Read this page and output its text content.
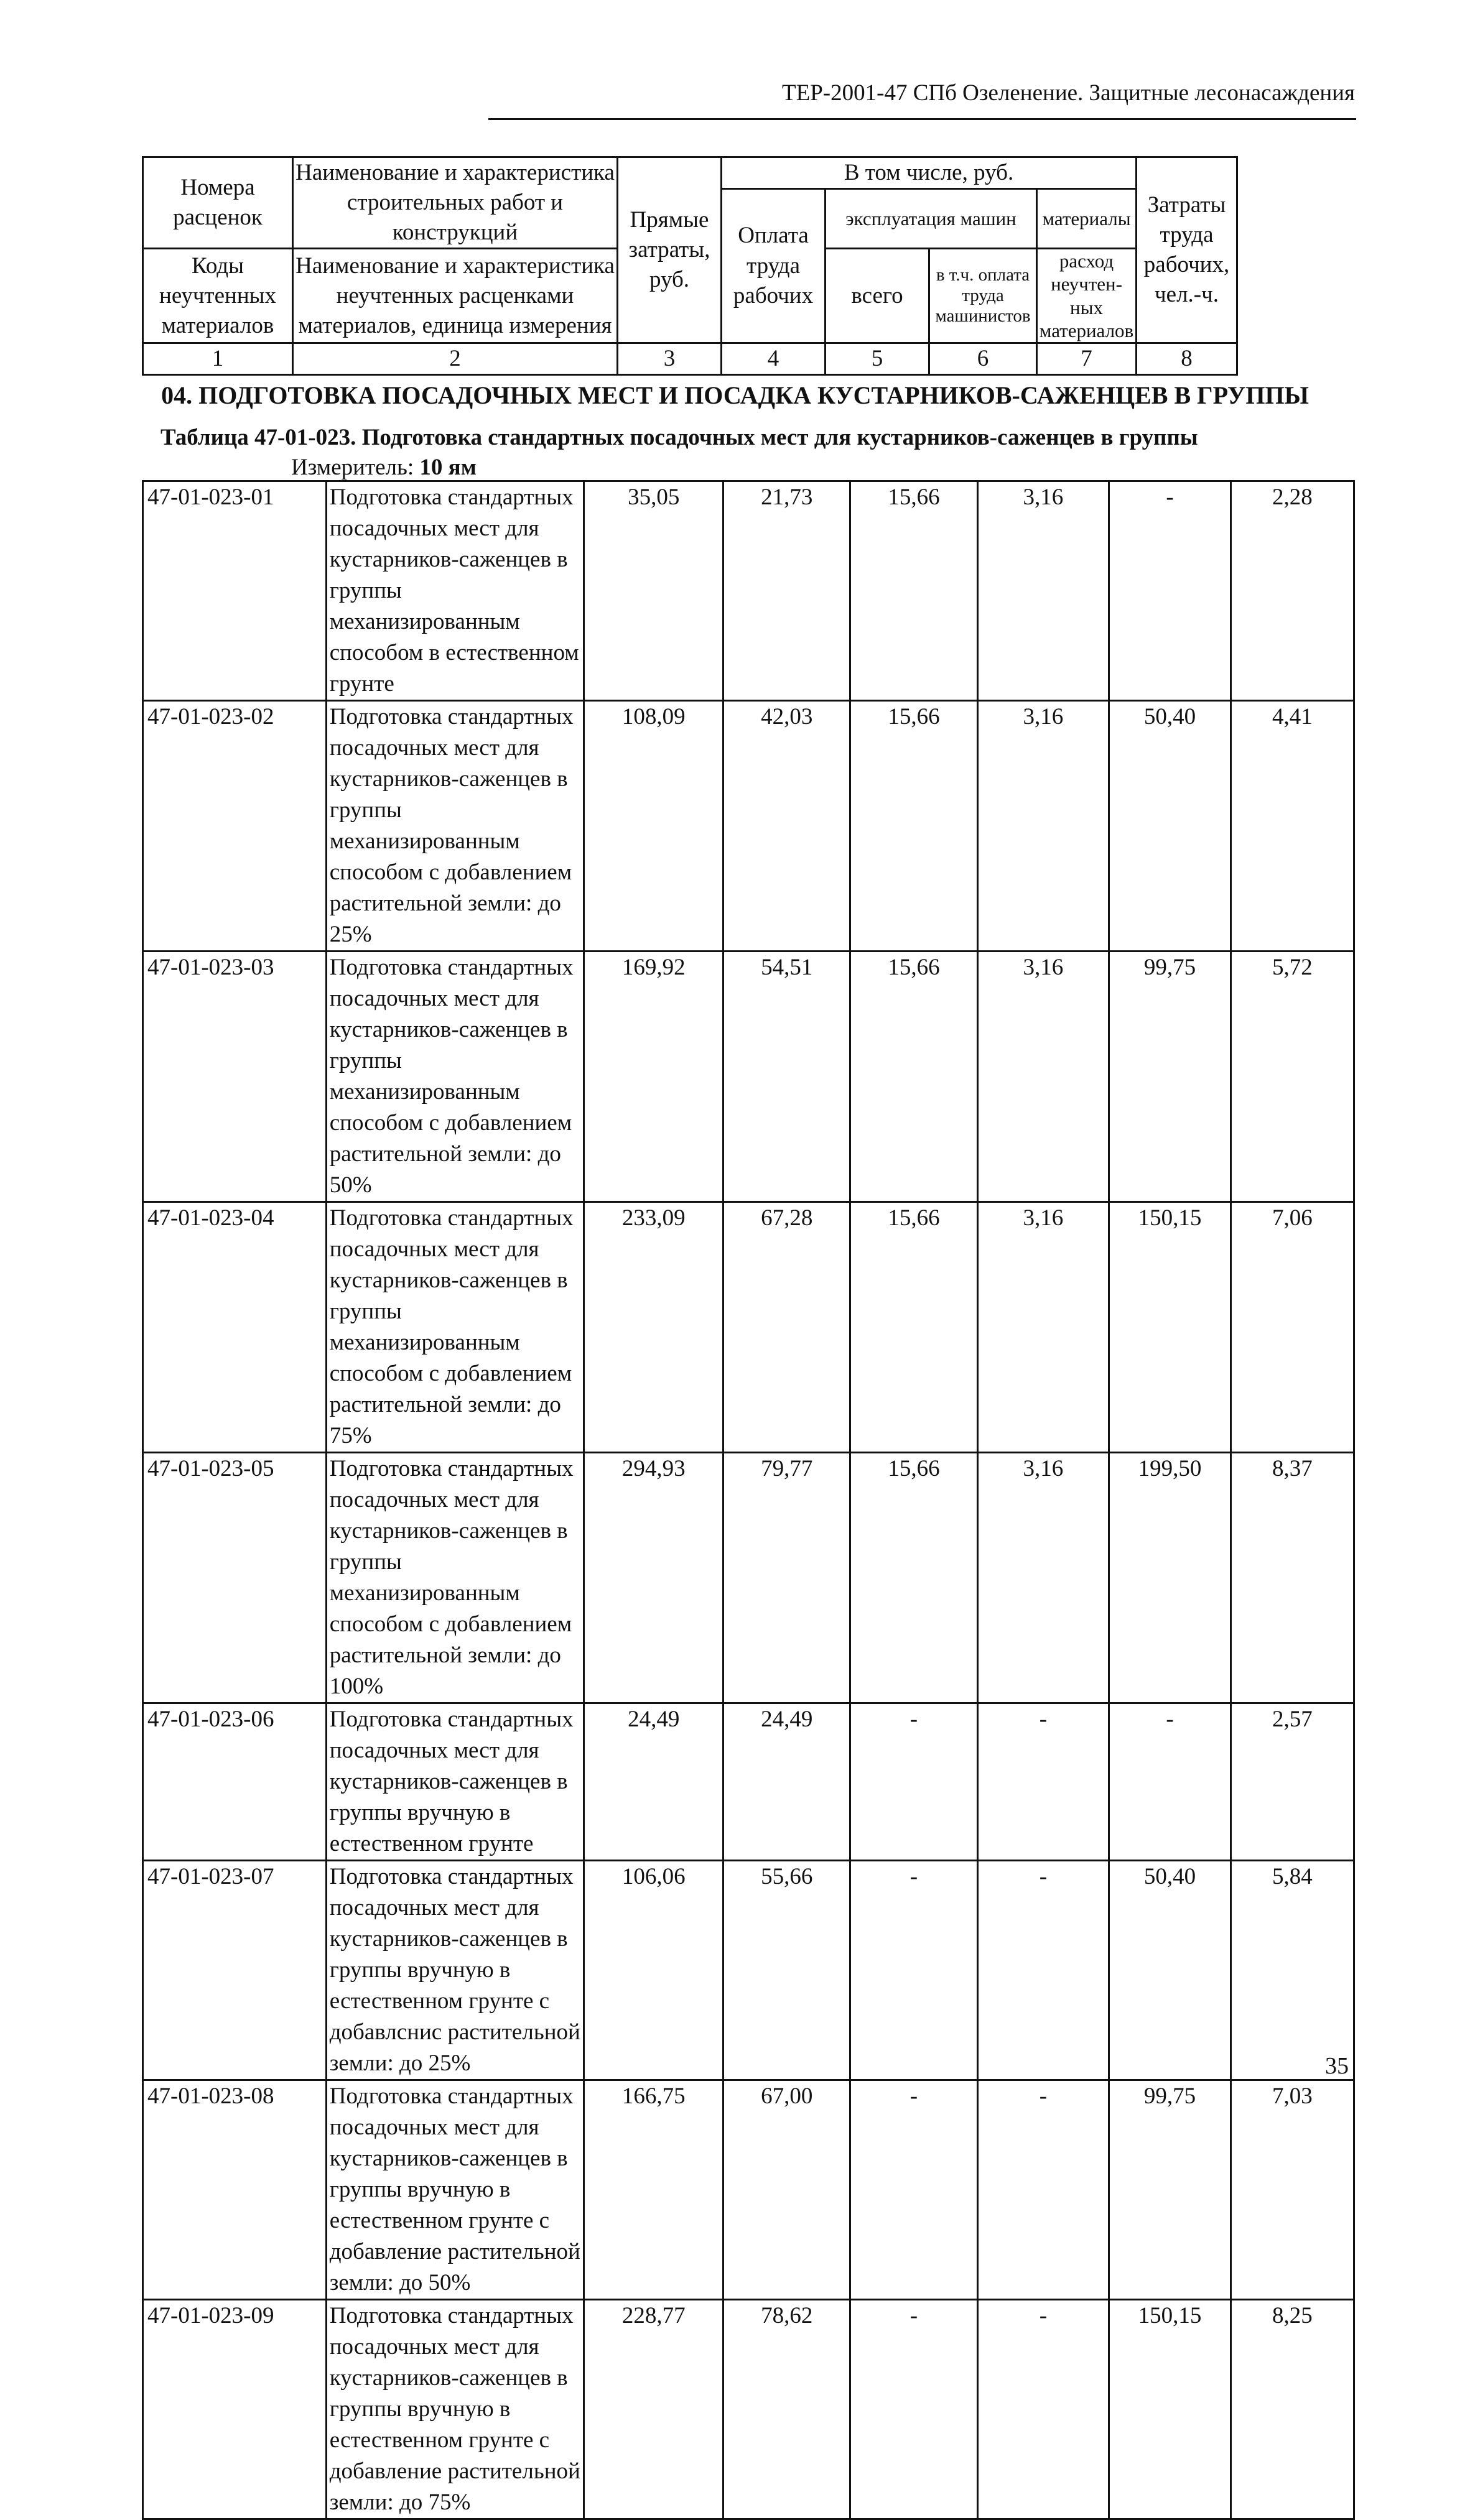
ТЕР-2001-47 СПб Озеленение. Защитные лесонасаждения
Номера расценок	Наименование и характеристика строительных работ и конструкций	Прямые затраты, руб.	В том числе, руб.				Затраты труда рабочих, чел.-ч.
			Оплата труда рабочих	эксплуатация машин		материалы	

Коды неучтенных материалов	Наименование и характеристика неучтенных расценками материалов, единица измерения			всего	в т.ч. оплата труда машинистов	расход неучтен-ных материалов	

1	2	3	4	5	6	7	8
04. ПОДГОТОВКА ПОСАДОЧНЫХ МЕСТ И ПОСАДКА КУСТАРНИКОВ-САЖЕНЦЕВ В ГРУППЫ
Таблица 47-01-023. Подготовка стандартных посадочных мест для кустарников-саженцев в группы
Измеритель: 10 ям
47-01-023-01	Подготовка стандартных посадочных мест для кустарников-саженцев в группы механизированным способом в естественном грунте	35,05	21,73	15,66	3,16	-	2,28
47-01-023-02	Подготовка стандартных посадочных мест для кустарников-саженцев в группы механизированным способом с добавлением растительной земли: до 25%	108,09	42,03	15,66	3,16	50,40	4,41
47-01-023-03	Подготовка стандартных посадочных мест для кустарников-саженцев в группы механизированным способом с добавлением растительной земли: до 50%	169,92	54,51	15,66	3,16	99,75	5,72
47-01-023-04	Подготовка стандартных посадочных мест для кустарников-саженцев в группы механизированным способом с добавлением растительной земли: до 75%	233,09	67,28	15,66	3,16	150,15	7,06
47-01-023-05	Подготовка стандартных посадочных мест для кустарников-саженцев в группы механизированным способом с добавлением растительной земли: до 100%	294,93	79,77	15,66	3,16	199,50	8,37
47-01-023-06	Подготовка стандартных посадочных мест для кустарников-саженцев в группы вручную в естественном грунте	24,49	24,49	-	-	-	2,57
47-01-023-07	Подготовка стандартных посадочных мест для кустарников-саженцев в группы вручную в естественном грунте с добавлснис растительной земли: до 25%	106,06	55,66	-	-	50,40	5,84
47-01-023-08	Подготовка стандартных посадочных мест для кустарников-саженцев в группы вручную в естественном грунте с добавление растительной земли: до 50%	166,75	67,00	-	-	99,75	7,03
47-01-023-09	Подготовка стандартных посадочных мест для кустарников-саженцев в группы вручную в естественном грунте с добавление растительной земли: до 75%	228,77	78,62	-	-	150,15	8,25
35
